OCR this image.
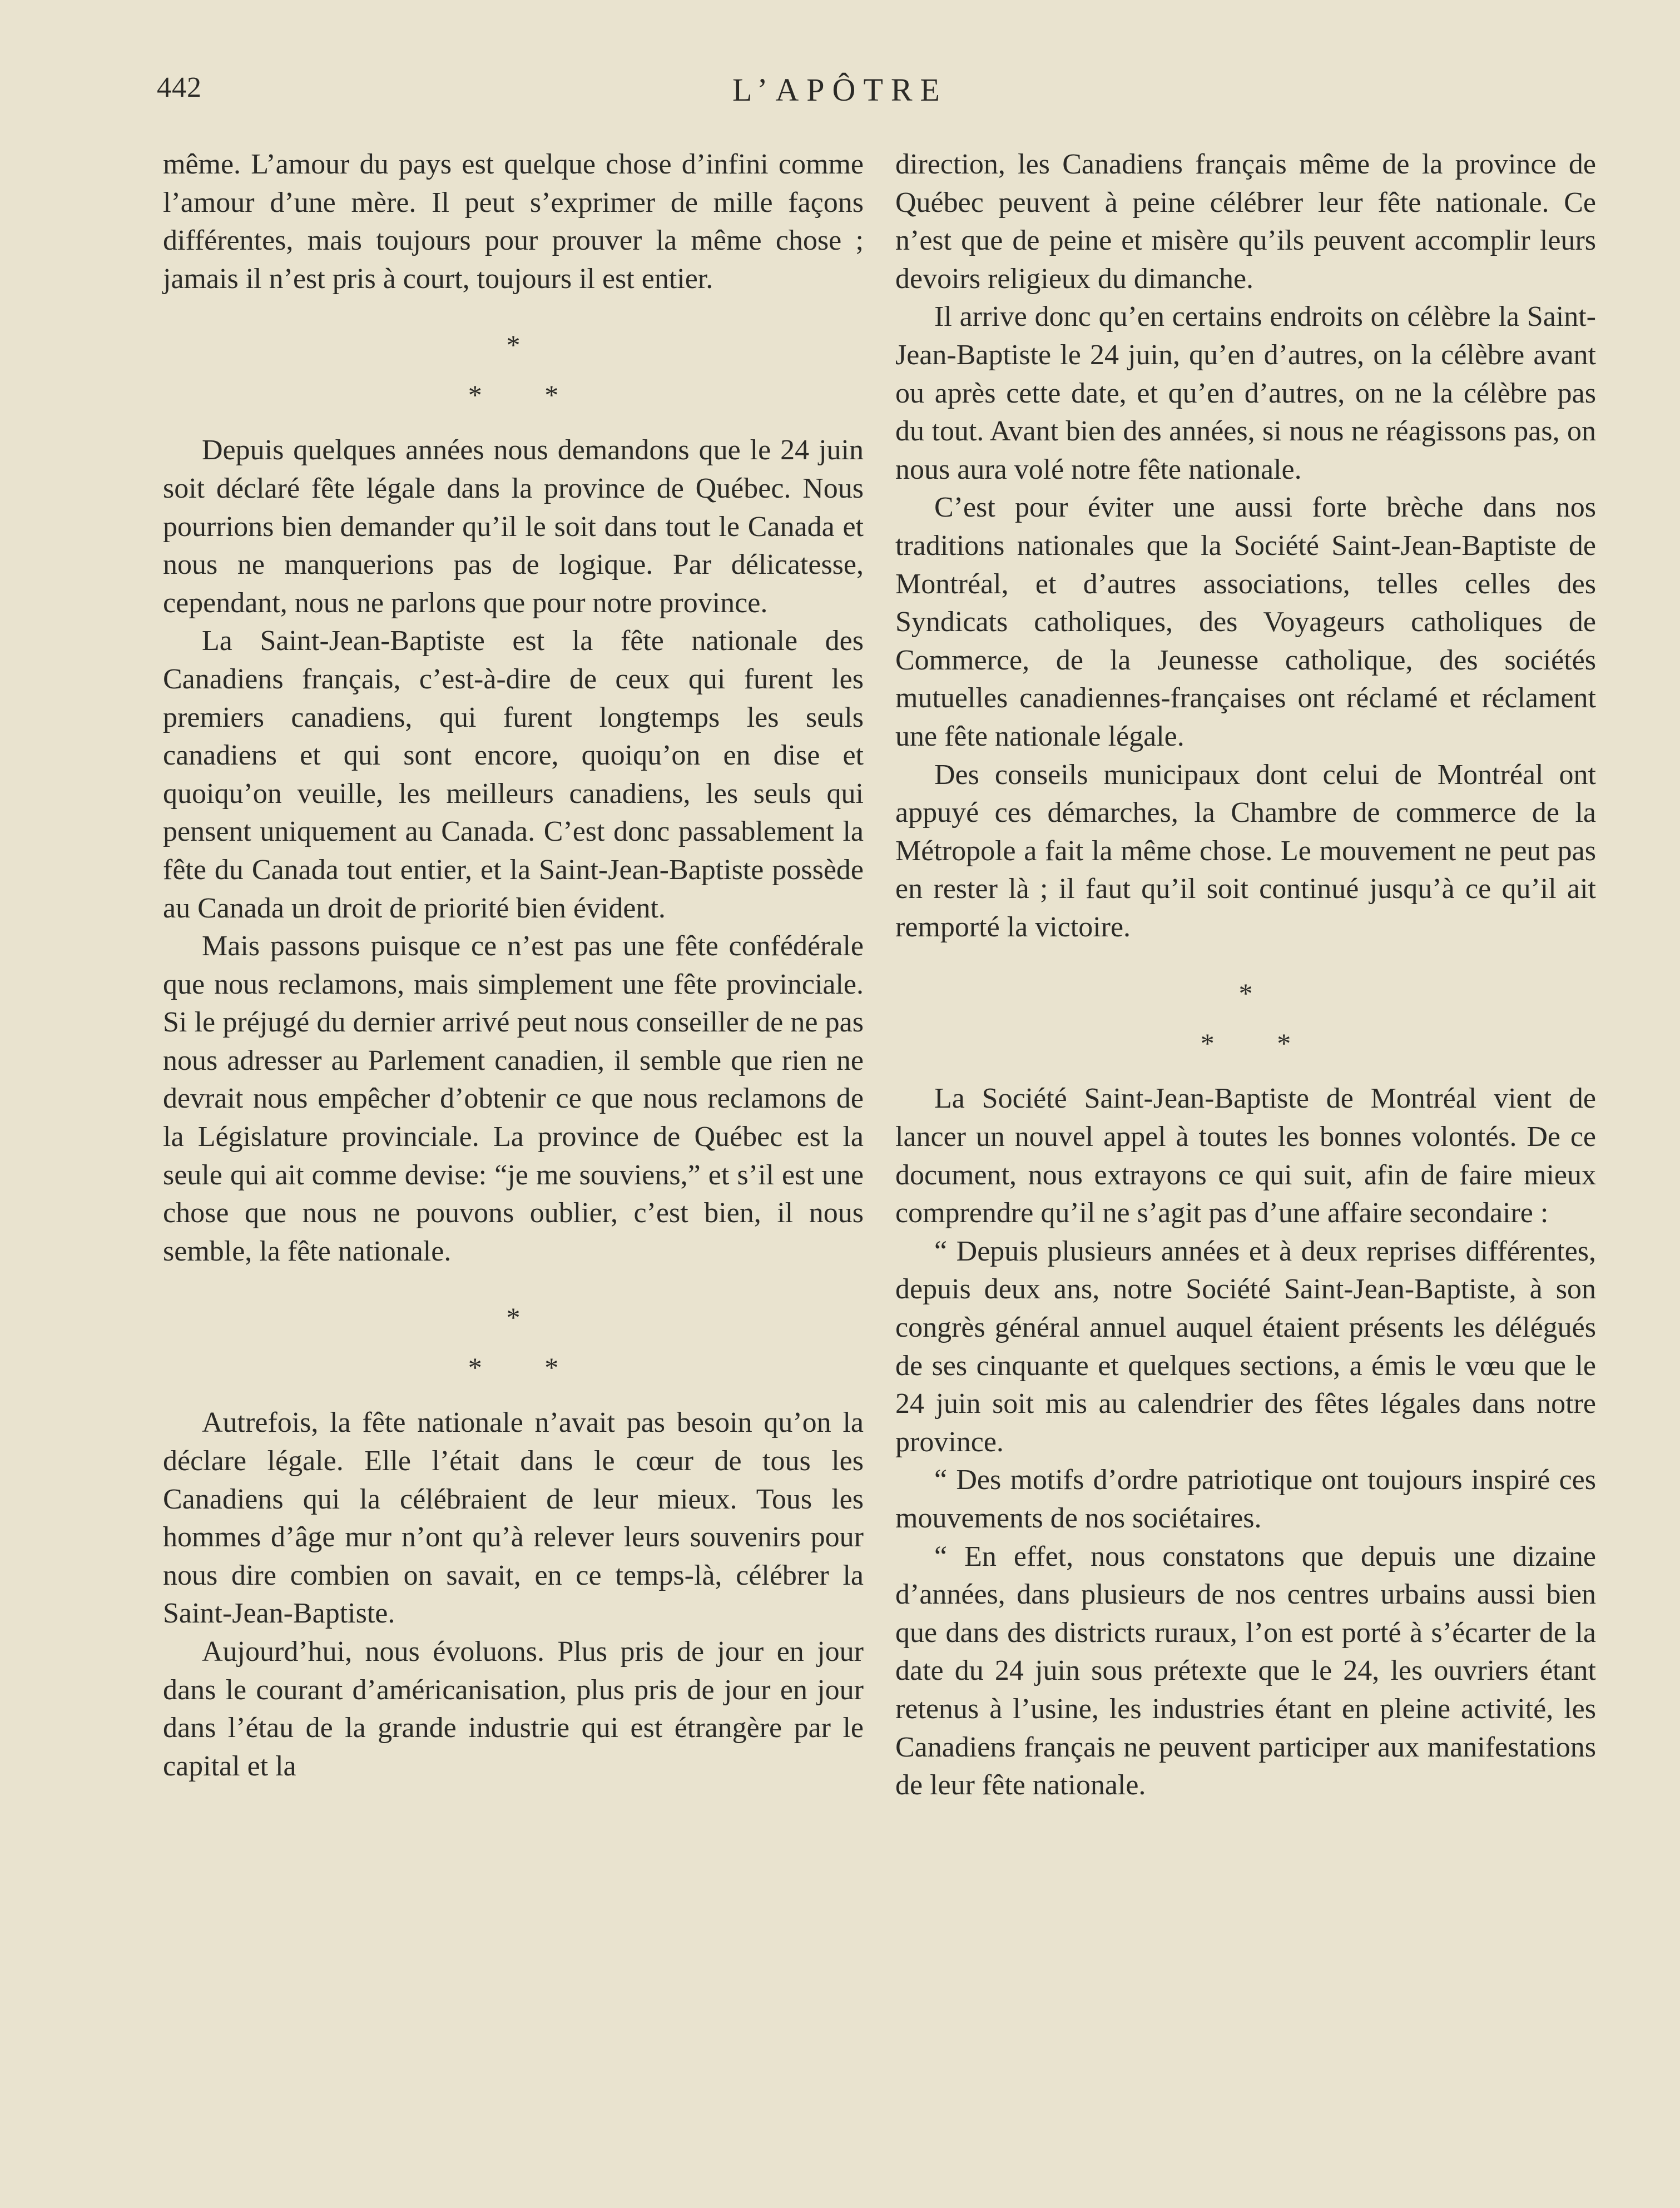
442	L’APÔTRE

même. L’amour du pays est quelque chose d’infini comme l’amour d’une mère. Il peut s’exprimer de mille façons différentes, mais toujours pour prouver la même chose ; jamais il n’est pris à court, toujours il est entier.

*
* *

Depuis quelques années nous demandons que le 24 juin soit déclaré fête légale dans la province de Québec. Nous pourrions bien demander qu’il le soit dans tout le Canada et nous ne manquerions pas de logique. Par délicatesse, cependant, nous ne parlons que pour notre province.

La Saint-Jean-Baptiste est la fête nationale des Canadiens français, c’est-à-dire de ceux qui furent les premiers canadiens, qui furent longtemps les seuls canadiens et qui sont encore, quoiqu’on en dise et quoiqu’on veuille, les meilleurs canadiens, les seuls qui pensent uniquement au Canada. C’est donc passablement la fête du Canada tout entier, et la Saint-Jean-Baptiste possède au Canada un droit de priorité bien évident.

Mais passons puisque ce n’est pas une fête confédérale que nous reclamons, mais simplement une fête provinciale. Si le préjugé du dernier arrivé peut nous conseiller de ne pas nous adresser au Parlement canadien, il semble que rien ne devrait nous empêcher d’obtenir ce que nous reclamons de la Législature provinciale. La province de Québec est la seule qui ait comme devise: “je me souviens,” et s’il est une chose que nous ne pouvons oublier, c’est bien, il nous semble, la fête nationale.

*
* *

Autrefois, la fête nationale n’avait pas besoin qu’on la déclare légale. Elle l’était dans le cœur de tous les Canadiens qui la célébraient de leur mieux. Tous les hommes d’âge mur n’ont qu’à relever leurs souvenirs pour nous dire combien on savait, en ce temps-là, célébrer la Saint-Jean-Baptiste.

Aujourd’hui, nous évoluons. Plus pris de jour en jour dans le courant d’américanisation, plus pris de jour en jour dans l’étau de la grande industrie qui est étrangère par le capital et la

direction, les Canadiens français même de la province de Québec peuvent à peine célébrer leur fête nationale. Ce n’est que de peine et misère qu’ils peuvent accomplir leurs devoirs religieux du dimanche.

Il arrive donc qu’en certains endroits on célèbre la Saint-Jean-Baptiste le 24 juin, qu’en d’autres, on la célèbre avant ou après cette date, et qu’en d’autres, on ne la célèbre pas du tout. Avant bien des années, si nous ne réagissons pas, on nous aura volé notre fête nationale.

C’est pour éviter une aussi forte brèche dans nos traditions nationales que la Société Saint-Jean-Baptiste de Montréal, et d’autres associations, telles celles des Syndicats catholiques, des Voyageurs catholiques de Commerce, de la Jeunesse catholique, des sociétés mutuelles canadiennes-françaises ont réclamé et réclament une fête nationale légale.

Des conseils municipaux dont celui de Montréal ont appuyé ces démarches, la Chambre de commerce de la Métropole a fait la même chose. Le mouvement ne peut pas en rester là ; il faut qu’il soit continué jusqu’à ce qu’il ait remporté la victoire.

*
* *

La Société Saint-Jean-Baptiste de Montréal vient de lancer un nouvel appel à toutes les bonnes volontés. De ce document, nous extrayons ce qui suit, afin de faire mieux comprendre qu’il ne s’agit pas d’une affaire secondaire :

“ Depuis plusieurs années et à deux reprises différentes, depuis deux ans, notre Société Saint-Jean-Baptiste, à son congrès général annuel auquel étaient présents les délégués de ses cinquante et quelques sections, a émis le vœu que le 24 juin soit mis au calendrier des fêtes légales dans notre province.

“ Des motifs d’ordre patriotique ont toujours inspiré ces mouvements de nos sociétaires.

“ En effet, nous constatons que depuis une dizaine d’années, dans plusieurs de nos centres urbains aussi bien que dans des districts ruraux, l’on est porté à s’écarter de la date du 24 juin sous prétexte que le 24, les ouvriers étant retenus à l’usine, les industries étant en pleine activité, les Canadiens français ne peuvent participer aux manifestations de leur fête nationale.
